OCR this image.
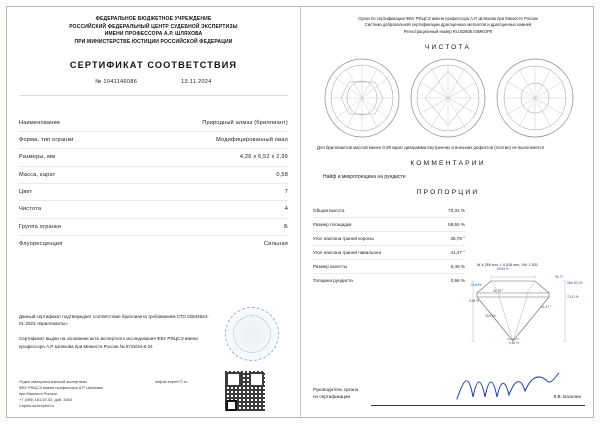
ФЕДЕРАЛЬНОЕ БЮДЖЕТНОЕ УЧРЕЖДЕНИЕ
РОССИЙСКИЙ ФЕДЕРАЛЬНЫЙ ЦЕНТР СУДЕБНОЙ ЭКСПЕРТИЗЫ
ИМЕНИ ПРОФЕССОРА А.Р. ШЛЯХОВА
ПРИ МИНИСТЕРСТВЕ ЮСТИЦИИ РОССИЙСКОЙ ФЕДЕРАЦИИ
СЕРТИФИКАТ СООТВЕТСТВИЯ
№ 1041146086	13.11.2024
Наименование	Природный алмаз (бриллиант)
Форма, тип огранки	Модифицированный овал
Размеры, мм	4,26 x 6,52 x 2,99
Масса, карат	0,58
Цвет	7
Чистота	4
Группа огранки	Б
Флуоресценция	Сильная

Данный сертификат подтверждает соответствие бриллианта требованиям СТО 02844624-01-2023 «Бриллианты»

Сертификат выдан на основании акта экспертного исследования ФБУ РФЦСЭ имени профессора А.Р. Шляхова при Минюсте России № 5725/34-6-24

Отдел минералогической экспертизы
ФБУ РФЦСЭ имени профессора А.Р. Шляхова
при Минюсте России
+7 (495) 181-57-52, доб. 3403
Copies.sudexpert.ru
mirjust-expert77.ru
Орган по сертификации ФБУ РФЦСЭ имени профессора А.Р. Шляхова при Минюсте России
Система добровольной сертификации драгоценных металлов и драгоценных камней
Регистрационный номер RU.В2805.04МКОР0
ЧИСТОТА
Для бриллиантов массой менее 0,99 карат диаграмма внутренних и внешних дефектов (плотин) не выполняется
КОММЕНТАРИИ
Найф и микротрещина на рундисте
ПРОПОРЦИИ
Общая высота	70,31 %
Размер площадки	59,55 %
Угол наклона граней короны	36,78 °
Угол наклона граней павильона	41,47 °
Размер калетты	0,46 %
Толщина рундиста	0,96 %
W 4,255 mm, L 6,518 mm, LW: 1,531
59,55 %
15,63%
36,78 °
0,96 %
43,93%
41,47 °
70,31 %
0,46 %
95,77
Star 52,0%
Руководитель органа
по сертификации	К.В. Базолин
